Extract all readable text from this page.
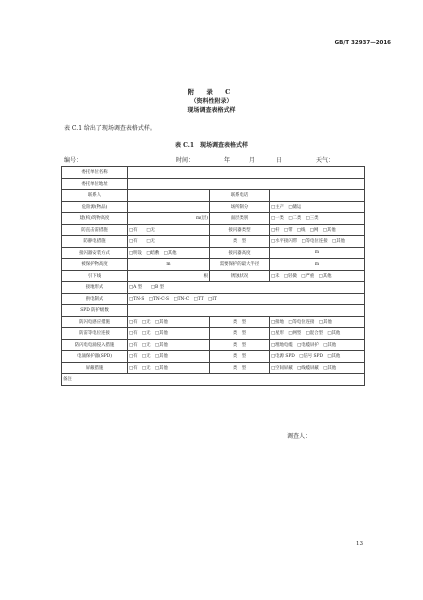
GB/T 32937—2016
附 录 C
（资料性附录）
现场调查表格式样
表 C.1 给出了现场调查表格式样。
表 C.1　现场调查表格式样
编号：	时间：	年	月	日	天气：
委托单位名称			
委托单位地址			
联系人		联系电话	
危险源(物品)		场所制分	□主产　□储运
建(构)筑物高度	m(层)	面层类别	□一类　□二类　□三类
防直击雷措施	□有　　□无	接闪器类型	□杆　□带　□线　□网　□其他
防静电措施	□有　　□无	类　型	□水平接闪带　□等电位连接　□其他
接闪器安装方式	□明设　□暗敷　□其他	接闪器高度	m
被保护物高度	m	需要保护的最大半径	m
引下线	根	锈蚀状况	□未　□轻微　□严重　□其他
接地形式	□A 型　　□B 型		
供电制式	□TN-S　□TN-C-S　□TN-C　□TT　□IT		
SPD 防护级数			
防闪电感应措施	□有　□无　□其他	类　型	□接地　□等电位连接　□其他
防雷等电位连接	□有　□无　□其他	类　型	□星形　□网型　□混合型　□其他
防闪电电涌侵入措施	□有　□无　□其他	类　型	□埋地电缆　□电缆屏护　□其他
电涌保护器(SPD)	□有　□无　□其他	类　型	□电源 SPD　□信号 SPD　□其他
屏蔽措施	□有　□无　□其他	类　型	□空间屏蔽　□线缆屏蔽　□其他
备注			
调查人：
13
